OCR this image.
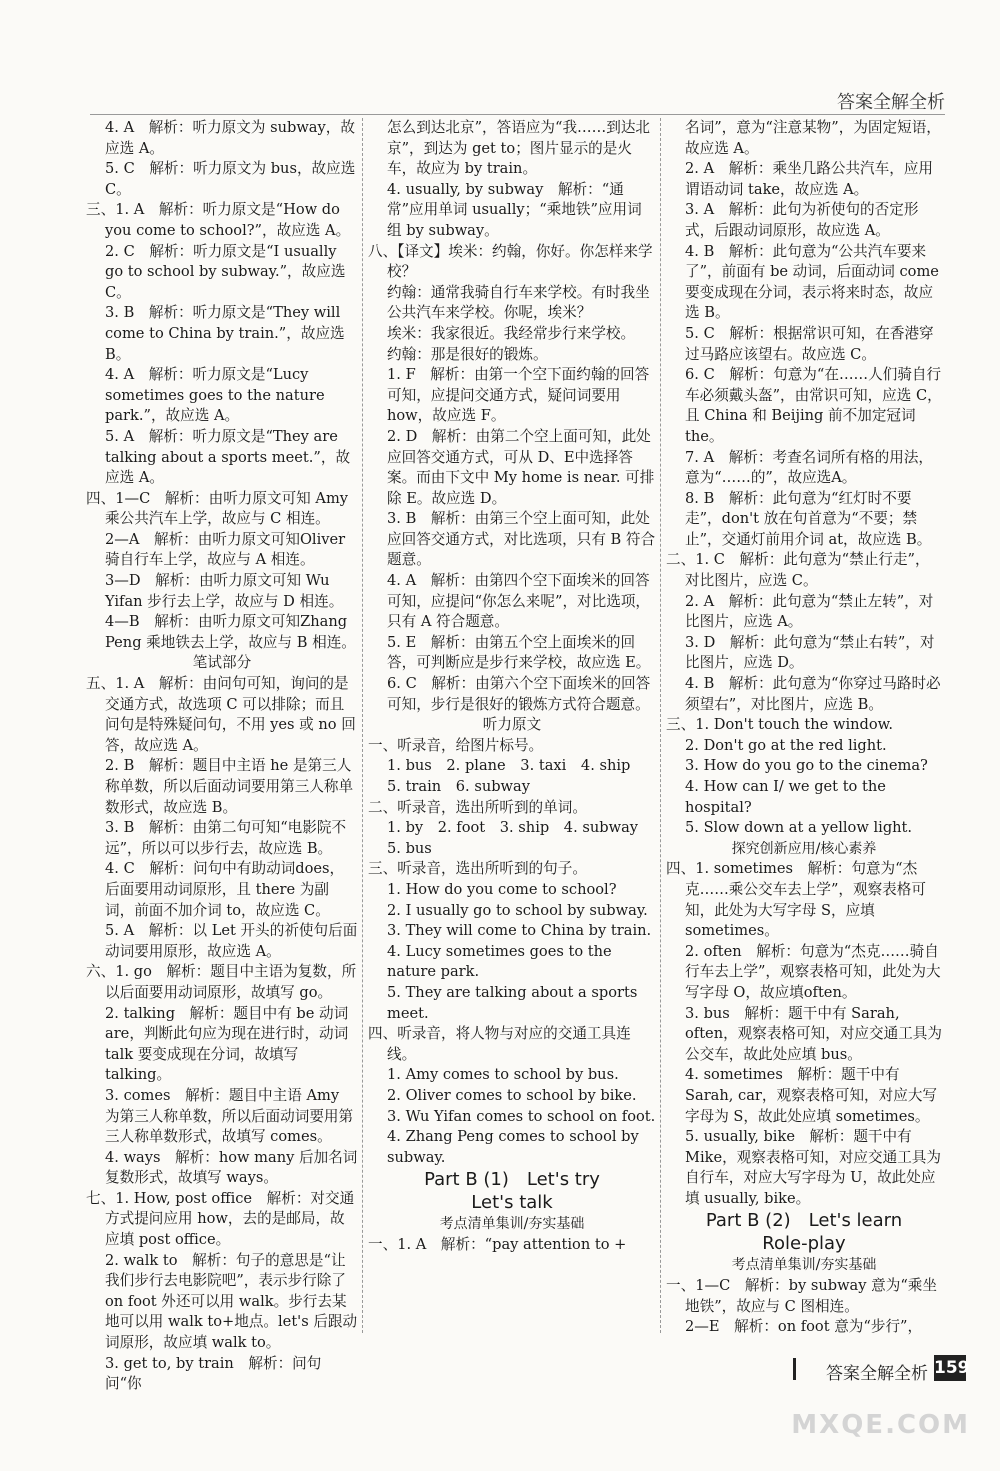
答案全解全析

4. A　解析：听力原文为 subway，故应选 A。

5. C　解析：听力原文为 bus，故应选 C。

三、1. A　解析：听力原文是“How do you come to school?”，故应选 A。

2. C　解析：听力原文是“I usually go to school by subway.”，故应选C。

3. B　解析：听力原文是“They will come to China by train.”，故应选B。

4. A　解析：听力原文是“Lucy sometimes goes to the nature park.”，故应选 A。

5. A　解析：听力原文是“They are talking about a sports meet.”，故应选 A。

四、1—C　解析：由听力原文可知 Amy 乘公共汽车上学，故应与 C 相连。

2—A　解析：由听力原文可知Oliver 骑自行车上学，故应与 A 相连。

3—D　解析：由听力原文可知 Wu Yifan 步行去上学，故应与 D 相连。

4—B　解析：由听力原文可知Zhang Peng 乘地铁去上学，故应与 B 相连。

笔试部分

五、1. A　解析：由问句可知，询问的是交通方式，故选项 C 可以排除；而且问句是特殊疑问句，不用 yes 或 no 回答，故应选 A。

2. B　解析：题目中主语 he 是第三人称单数，所以后面动词要用第三人称单数形式，故应选 B。

3. B　解析：由第二句可知“电影院不远”，所以可以步行去，故应选 B。

4. C　解析：问句中有助动词does，后面要用动词原形，且 there 为副词，前面不加介词 to，故应选 C。

5. A　解析：以 Let 开头的祈使句后面动词要用原形，故应选 A。

六、1. go　解析：题目中主语为复数，所以后面要用动词原形，故填写 go。

2. talking　解析：题目中有 be 动词 are，判断此句应为现在进行时，动词 talk 要变成现在分词，故填写 talking。

3. comes　解析：题目中主语 Amy 为第三人称单数，所以后面动词要用第三人称单数形式，故填写 comes。

4. ways　解析：how many 后加名词复数形式，故填写 ways。

七、1. How, post office　解析：对交通方式提问应用 how，去的是邮局，故应填 post office。

2. walk to　解析：句子的意思是“让我们步行去电影院吧”，表示步行除了 on foot 外还可以用 walk。步行去某地可以用 walk to+地点。let's 后跟动词原形，故应填 walk to。

3. get to, by train　解析：问句问“你

怎么到达北京”，答语应为“我……到达北京”，到达为 get to；图片显示的是火车，故应为 by train。

4. usually, by subway　解析：“通常”应用单词 usually；“乘地铁”应用词组 by subway。

八、【译文】埃米：约翰，你好。你怎样来学校？

约翰：通常我骑自行车来学校。有时我坐公共汽车来学校。你呢，埃米？

埃米：我家很近。我经常步行来学校。

约翰：那是很好的锻炼。

1. F　解析：由第一个空下面约翰的回答可知，应提问交通方式，疑问词要用 how，故应选 F。

2. D　解析：由第二个空上面可知，此处应回答交通方式，可从 D、E中选择答案。而由下文中 My home is near. 可排除 E。故应选 D。

3. B　解析：由第三个空上面可知，此处应回答交通方式，对比选项，只有 B 符合题意。

4. A　解析：由第四个空下面埃米的回答可知，应提问“你怎么来呢”，对比选项，只有 A 符合题意。

5. E　解析：由第五个空上面埃米的回答，可判断应是步行来学校，故应选 E。

6. C　解析：由第六个空下面埃米的回答可知，步行是很好的锻炼方式符合题意。

听力原文

一、听录音，给图片标号。

1. bus　2. plane　3. taxi　4. ship

5. train　6. subway

二、听录音，选出所听到的单词。

1. by　2. foot　3. ship　4. subway

5. bus

三、听录音，选出所听到的句子。

1. How do you come to school?

2. I usually go to school by subway.

3. They will come to China by train.

4. Lucy sometimes goes to the nature park.

5. They are talking about a sports meet.

四、听录音，将人物与对应的交通工具连线。

1. Amy comes to school by bus.

2. Oliver comes to school by bike.

3. Wu Yifan comes to school on foot.

4. Zhang Peng comes to school by subway.

Part B (1)　Let's try

Let's talk

考点清单集训/夯实基础

一、1. A　解析：“pay attention to +

名词”，意为“注意某物”，为固定短语，故应选 A。

2. A　解析：乘坐几路公共汽车，应用谓语动词 take，故应选 A。

3. A　解析：此句为祈使句的否定形式，后跟动词原形，故应选 A。

4. B　解析：此句意为“公共汽车要来了”，前面有 be 动词，后面动词 come 要变成现在分词，表示将来时态，故应选 B。

5. C　解析：根据常识可知，在香港穿过马路应该望右。故应选 C。

6. C　解析：句意为“在……人们骑自行车必须戴头盔”，由常识可知，应选 C，且 China 和 Beijing 前不加定冠词 the。

7. A　解析：考查名词所有格的用法，意为“……的”，故应选A。

8. B　解析：此句意为“红灯时不要走”，don't 放在句首意为“不要；禁止”，交通灯前用介词 at，故应选 B。

二、1. C　解析：此句意为“禁止行走”，对比图片，应选 C。

2. A　解析：此句意为“禁止左转”，对比图片，应选 A。

3. D　解析：此句意为“禁止右转”，对比图片，应选 D。

4. B　解析：此句意为“你穿过马路时必须望右”，对比图片，应选 B。

三、1. Don't touch the window.

2. Don't go at the red light.

3. How do you go to the cinema?

4. How can I/ we get to the hospital?

5. Slow down at a yellow light.

探究创新应用/核心素养

四、1. sometimes　解析：句意为“杰克……乘公交车去上学”，观察表格可知，此处为大写字母 S，应填 sometimes。

2. often　解析：句意为“杰克……骑自行车去上学”，观察表格可知，此处为大写字母 O，故应填often。

3. bus　解析：题干中有 Sarah, often，观察表格可知，对应交通工具为公交车，故此处应填 bus。

4. sometimes　解析：题干中有 Sarah, car，观察表格可知，对应大写字母为 S，故此处应填 sometimes。

5. usually, bike　解析：题干中有 Mike，观察表格可知，对应交通工具为自行车，对应大写字母为 U，故此处应填 usually, bike。

Part B (2)　Let's learn

Role-play

考点清单集训/夯实基础

一、1—C　解析：by subway 意为“乘坐地铁”，故应与 C 图相连。

2—E　解析：on foot 意为“步行”，

答案全解全析 159
MXQE.COM
